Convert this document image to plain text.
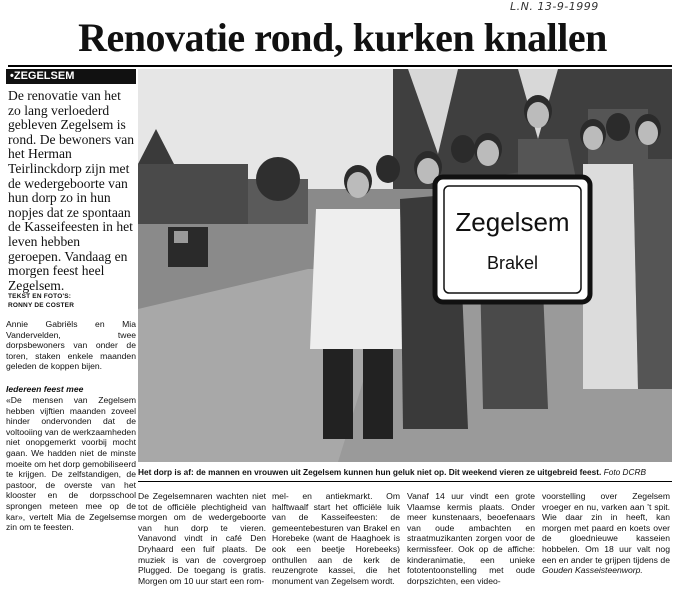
L.N. 13-9-1999
Renovatie rond, kurken knallen
•ZEGELSEM
De renovatie van het zo lang verloederd gebleven Zegelsem is rond. De bewoners van het Herman Teirlinckdorp zijn met de wedergeboorte van hun dorp zo in hun nopjes dat ze spontaan de Kasseifeesten in het leven hebben geroepen. Vandaag en morgen feest heel Zegelsem.
TEKST EN FOTO'S:
RONNY DE COSTER
Annie Gabriëls en Mia Vandervelden, twee dorpsbewoners van onder de toren, staken enkele maanden geleden de koppen bijen.
Iedereen feest mee
«De mensen van Zegelsem hebben vijftien maanden zoveel hinder ondervonden dat de voltooiing van de werkzaamheden niet onopgemerkt voorbij mocht gaan. We hadden niet de minste moeite om het dorp gemobiliseerd te krijgen. De zelfstandigen, de pastoor, de overste van het klooster en de dorpsschool sprongen meteen mee op de kar», vertelt Mia de Zegelsemse zin om te feesten.
Zegelsem
Brakel
Het dorp is af: de mannen en vrouwen uit Zegelsem kunnen hun geluk niet op. Dit weekend vieren ze uitgebreid feest. Foto DCRB
De Zegelsemnaren wachten niet tot de officiële plechtigheid van morgen om de wedergeboorte van hun dorp te vieren. Vanavond vindt in café Den Dryhaard een fuif plaats. De muziek is van de covergroep Plugged. De toegang is gratis. Morgen om 10 uur start een rom-
mel- en antiekmarkt. Om halftwaalf start het officiële luik van de Kasseifeesten: de gemeentebesturen van Brakel en Horebeke (want de Haaghoek is ook een beetje Horebeeks) onthullen aan de kerk de reuzengrote kassei, die het monument van Zegelsem wordt.
Vanaf 14 uur vindt een grote Vlaamse kermis plaats. Onder meer kunstenaars, beoefenaars van oude ambachten en straatmuzikanten zorgen voor de kermissfeer. Ook op de affiche: kinderanimatie, een unieke fototentoonstelling met oude dorpszichten, een video-
voorstelling over Zegelsem vroeger en nu, varken aan 't spit. Wie daar zin in heeft, kan morgen met paard en koets over de gloednieuwe kasseien hobbelen. Om 18 uur valt nog een en ander te grijpen tijdens de Gouden Kasseisteenworp.
